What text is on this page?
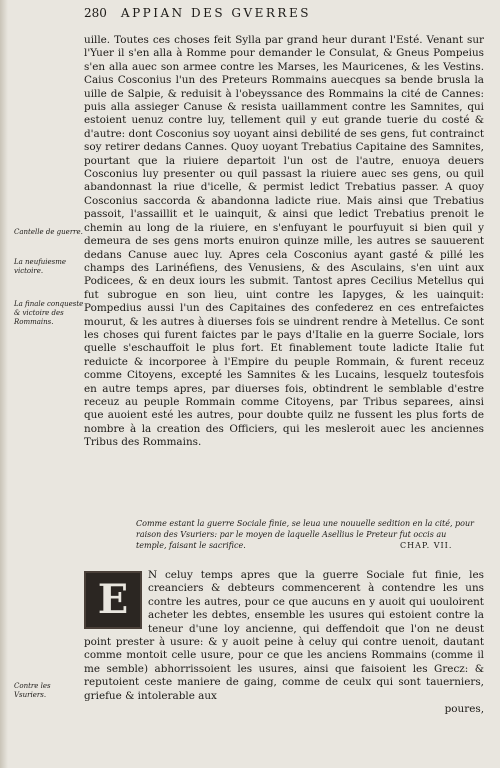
280 APPIAN DES GVERRES

uille. Toutes ces choses feit Sylla par grand heur durant l'Esté. Venant sur l'Yuer il s'en alla à Romme pour demander le Consulat, & Gneus Pompeius s'en alla auec son armee contre les Marses, les Mauricenes, & les Vestins. Caius Cosconius l'un des Preteurs Rommains auecques sa bende brusla la uille de Salpie, & reduisit à l'obeyssance des Rommains la cité de Cannes: puis alla assieger Canuse & resista uaillamment contre les Samnites, qui estoient uenuz contre luy, tellement quil y eut grande tuerie du costé & d'autre: dont Cosconius soy uoyant ainsi debilité de ses gens, fut contrainct soy retirer dedans Cannes. Quoy uoyant Trebatius Capitaine des Samnites, pourtant que la riuiere departoit l'un ost de l'autre, enuoya deuers Cosconius luy presenter ou quil passast la riuiere auec ses gens, ou quil abandonnast la riue d'icelle, & permist ledict Trebatius passer. A quoy Cosconius saccorda & abandonna ladicte riue. Mais ainsi que Trebatius passoit, l'assaillit et le uainquit, & ainsi que ledict Trebatius prenoit le chemin au long de la riuiere, en s'enfuyant le pourfuyuit si bien quil y demeura de ses gens morts enuiron quinze mille, les autres se sauuerent dedans Canuse auec luy. Apres cela Cosconius ayant gasté & pillé les champs des Larinéfiens, des Venusiens, & des Asculains, s'en uint aux Podicees, & en deux iours les submit. Tantost apres Cecilius Metellus qui fut subrogue en son lieu, uint contre les Iapyges, & les uainquit: Pompedius aussi l'un des Capitaines des confederez en ces entrefaictes mourut, & les autres à diuerses fois se uindrent rendre à Metellus. Ce sont les choses qui furent faictes par le pays d'Italie en la guerre Sociale, lors quelle s'eschauffoit le plus fort. Et finablement toute ladicte Italie fut reduicte & incorporee à l'Empire du peuple Rommain, & furent receuz comme Citoyens, excepté les Samnites & les Lucains, lesquelz toutesfois en autre temps apres, par diuerses fois, obtindrent le semblable d'estre receuz au peuple Rommain comme Citoyens, par Tribus separees, ainsi que auoient esté les autres, pour doubte quilz ne fussent les plus forts de nombre à la creation des Officiers, qui les mesleroit auec les anciennes Tribus des Rommains.

Cantelle de guerre.
La neufuiesme victoire.
La finale conqueste & victoire des Rommains.
Contre les Vsuriers.
Comme estant la guerre Sociale finie, se leua une nouuelle sedition en la cité, pour raison des Vsuriers: par le moyen de laquelle Asellius le Preteur fut occis au temple, faisant le sacrifice.	CHAP. VII.
E

N celuy temps apres que la guerre Sociale fut finie, les creanciers & debteurs commencerent à contendre les uns contre les autres, pour ce que aucuns en y auoit qui uouloirent acheter les debtes, ensemble les usures qui estoient contre la teneur d'une loy ancienne, qui deffendoit que l'on ne deust point prester à usure: & y auoit peine à celuy qui contre uenoit, dautant comme montoit celle usure, pour ce que les anciens Rommains (comme il me semble) abhorrissoient les usures, ainsi que faisoient les Grecz: & reputoient ceste maniere de gaing, comme de ceulx qui sont tauerniers, griefue & intolerable aux

poures,
